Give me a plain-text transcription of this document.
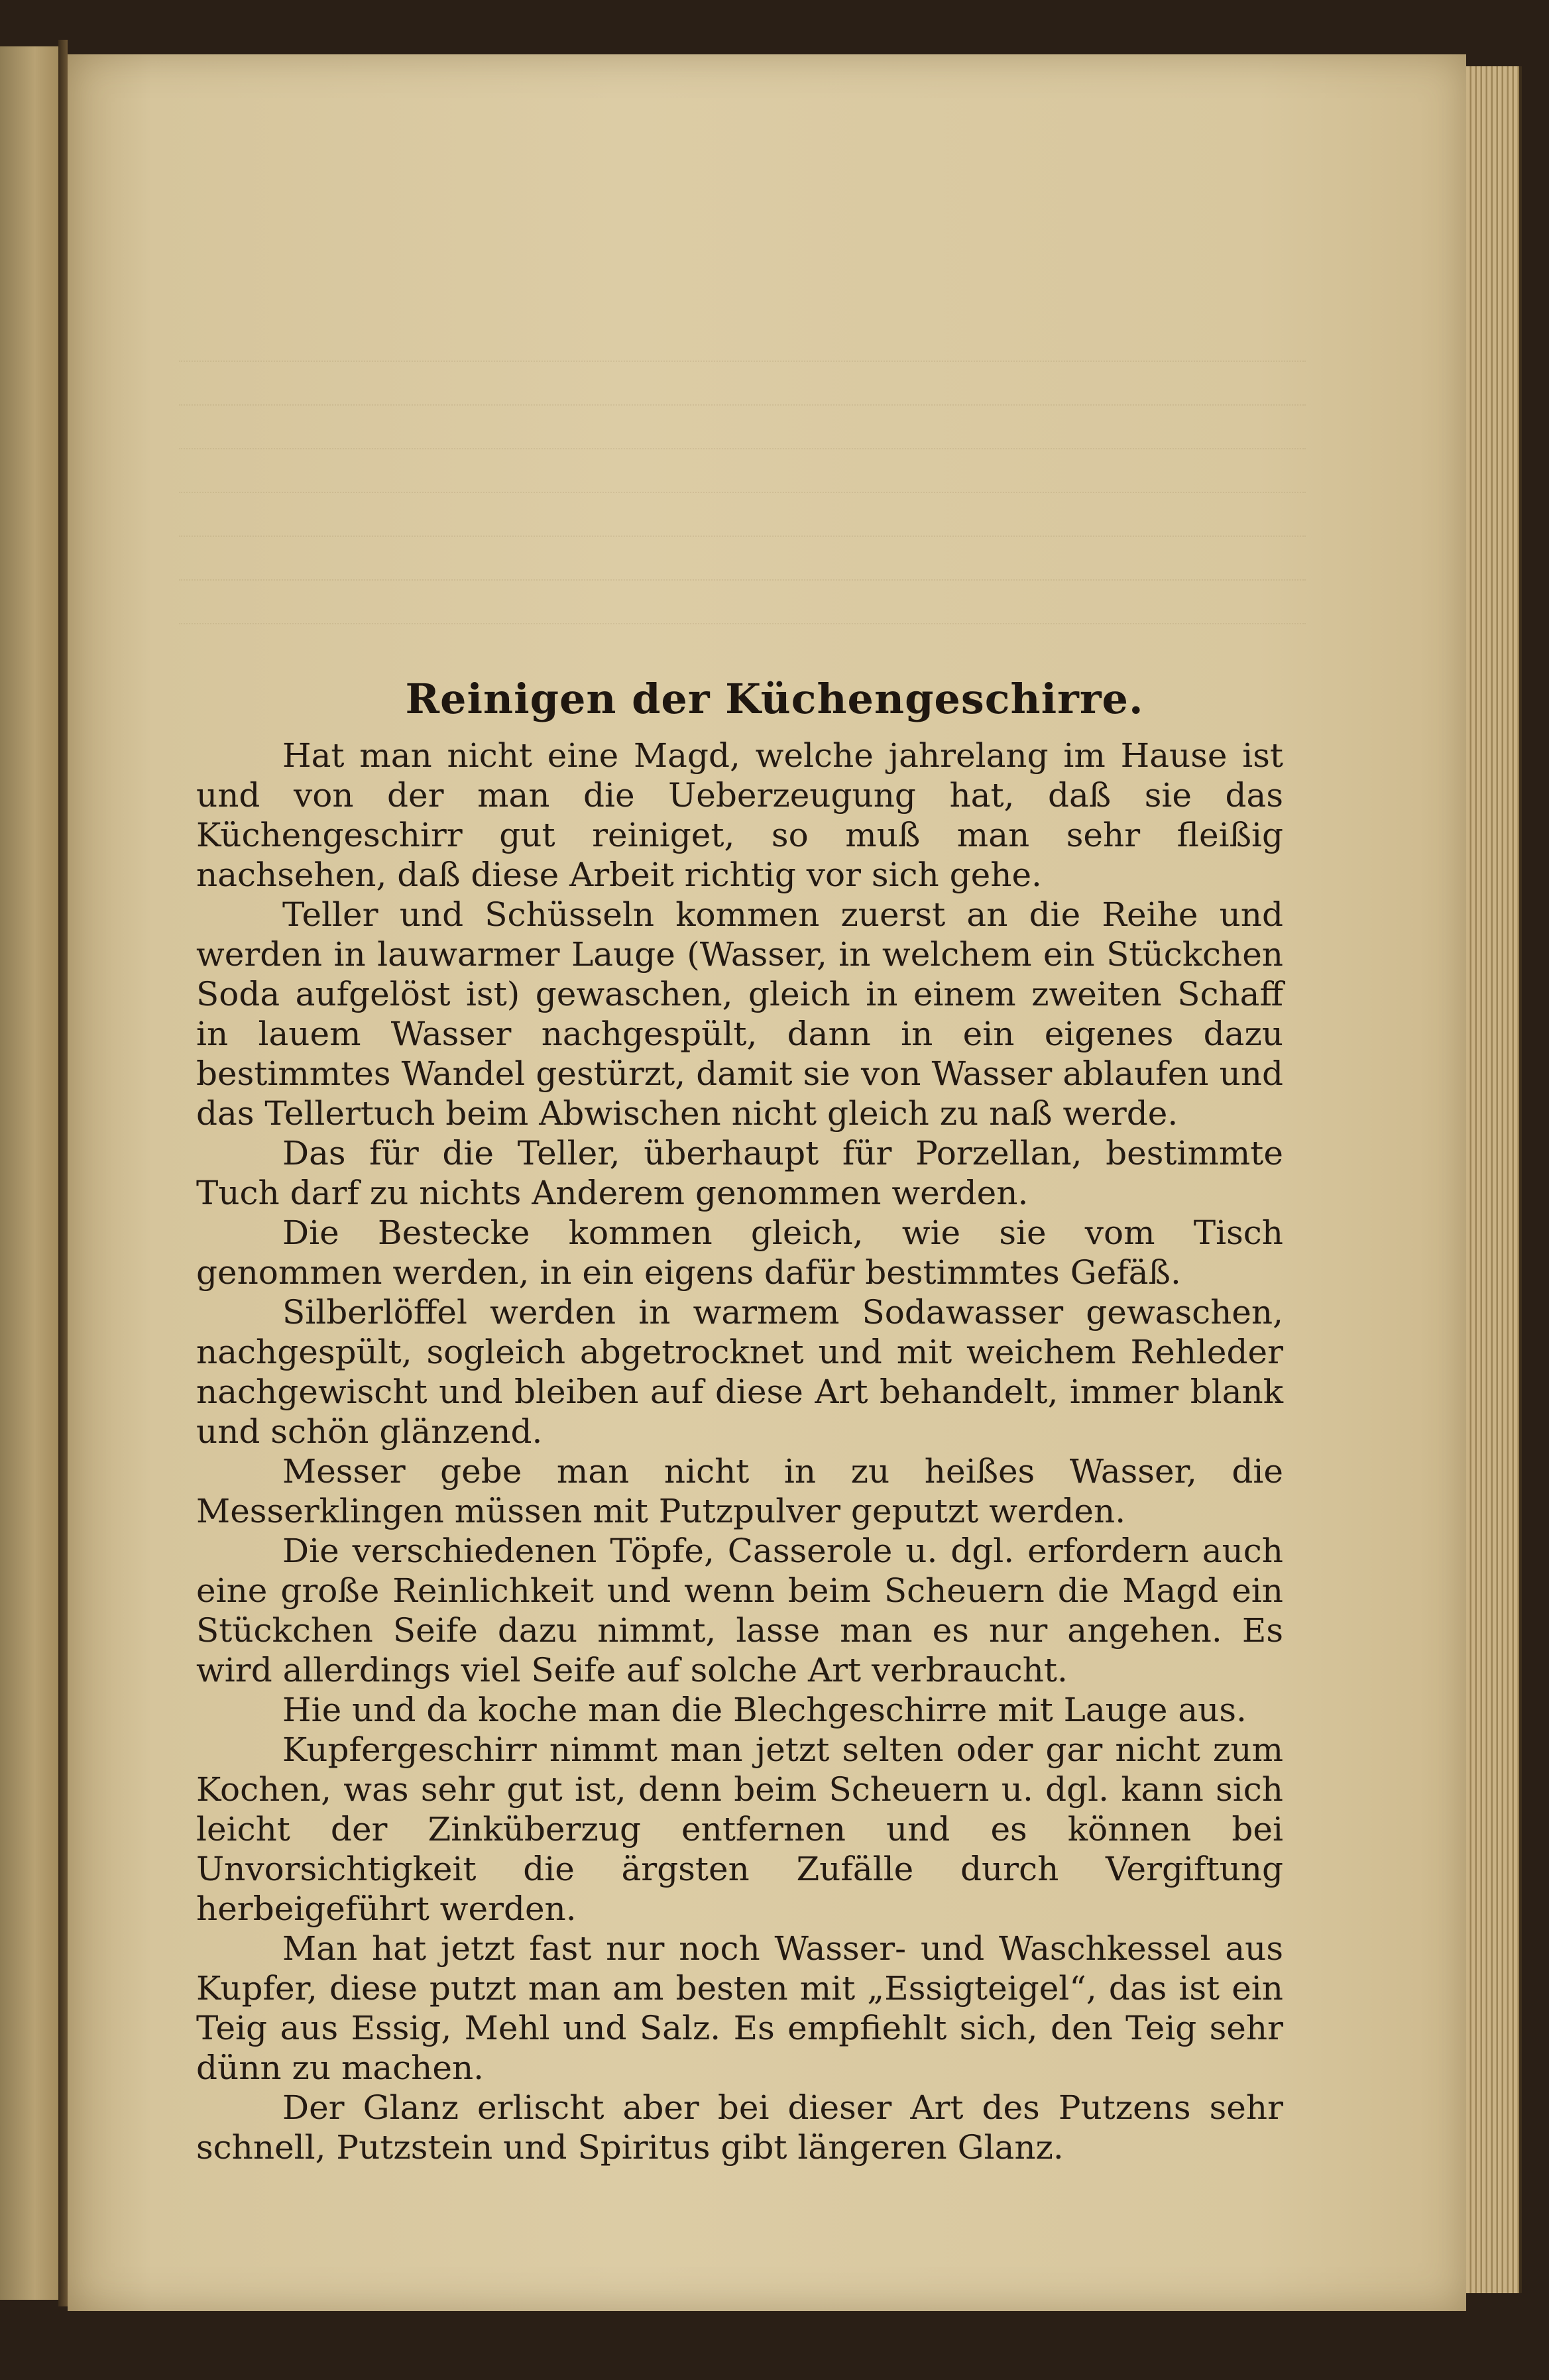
Reinigen der Küchengeschirre.

Hat man nicht eine Magd, welche jahrelang im Hause ist und von der man die Ueberzeugung hat, daß sie das Küchengeschirr gut reiniget, so muß man sehr fleißig nachsehen, daß diese Arbeit richtig vor sich gehe.

Teller und Schüsseln kommen zuerst an die Reihe und werden in lauwarmer Lauge (Wasser, in welchem ein Stückchen Soda aufgelöst ist) gewaschen, gleich in einem zweiten Schaff in lauem Wasser nachgespült, dann in ein eigenes dazu bestimmtes Wandel gestürzt, damit sie von Wasser ablaufen und das Tellertuch beim Abwischen nicht gleich zu naß werde.

Das für die Teller, überhaupt für Porzellan, bestimmte Tuch darf zu nichts Anderem genommen werden.

Die Bestecke kommen gleich, wie sie vom Tisch genommen werden, in ein eigens dafür bestimmtes Gefäß.

Silberlöffel werden in warmem Sodawasser gewaschen, nachgespült, sogleich abgetrocknet und mit weichem Rehleder nachgewischt und bleiben auf diese Art behandelt, immer blank und schön glänzend.

Messer gebe man nicht in zu heißes Wasser, die Messerklingen müssen mit Putzpulver geputzt werden.

Die verschiedenen Töpfe, Casserole u. dgl. erfordern auch eine große Reinlichkeit und wenn beim Scheuern die Magd ein Stückchen Seife dazu nimmt, lasse man es nur angehen. Es wird allerdings viel Seife auf solche Art verbraucht.

Hie und da koche man die Blechgeschirre mit Lauge aus.

Kupfergeschirr nimmt man jetzt selten oder gar nicht zum Kochen, was sehr gut ist, denn beim Scheuern u. dgl. kann sich leicht der Zinküberzug entfernen und es können bei Unvorsichtigkeit die ärgsten Zufälle durch Vergiftung herbeigeführt werden.

Man hat jetzt fast nur noch Wasser- und Waschkessel aus Kupfer, diese putzt man am besten mit „Essigteigel“, das ist ein Teig aus Essig, Mehl und Salz. Es empfiehlt sich, den Teig sehr dünn zu machen.

Der Glanz erlischt aber bei dieser Art des Putzens sehr schnell, Putzstein und Spiritus gibt längeren Glanz.
